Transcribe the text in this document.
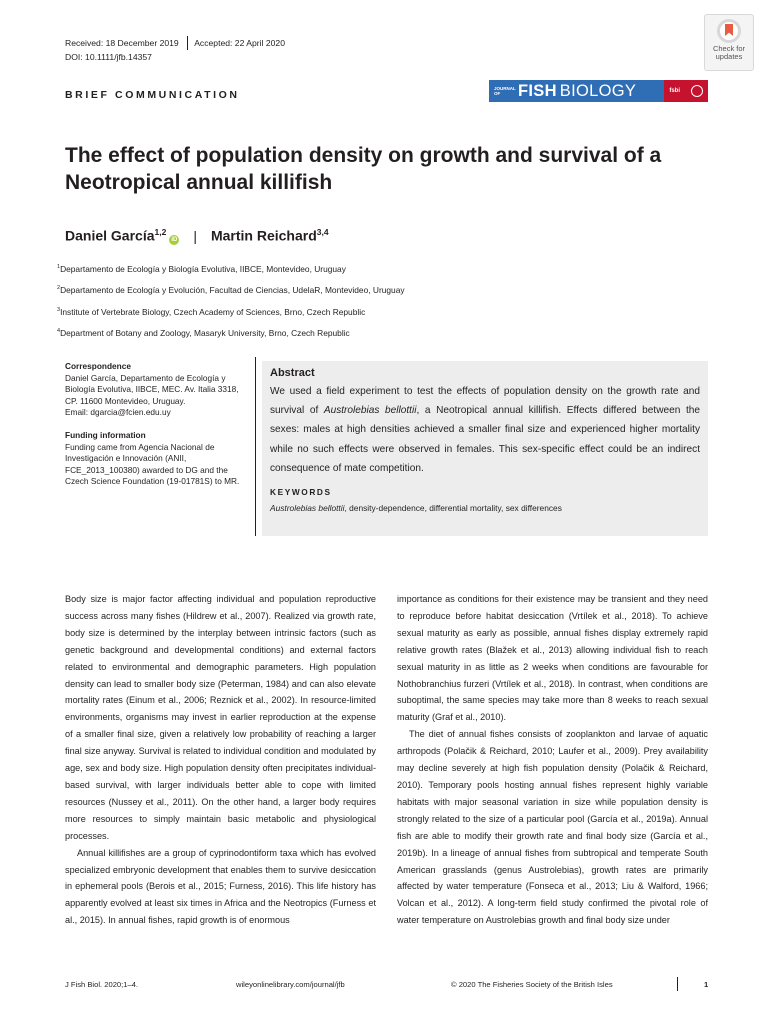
Received: 18 December 2019 Accepted: 22 April 2020
DOI: 10.1111/jfb.14357
Check for
updates
BRIEF COMMUNICATION
JOURNAL OF	FISH BIOLOGY	fsbi
The effect of population density on growth and survival of a Neotropical annual killifish
Daniel García$^{1,2}$
iD | Martin Reichard$^{3,4}$
$^1$Departamento de Ecología y Biología Evolutiva, IIBCE, Montevideo, Uruguay
$^2$Departamento de Ecología y Evolución, Facultad de Ciencias, UdelaR, Montevideo, Uruguay
$^3$Institute of Vertebrate Biology, Czech Academy of Sciences, Brno, Czech Republic
$^4$Department of Botany and Zoology, Masaryk University, Brno, Czech Republic
Correspondence
Daniel García, Departamento de Ecología y
Biología Evolutiva, IIBCE, MEC. Av. Italia 3318,
CP. 11600 Montevideo, Uruguay.
Email: dgarcia@fcien.edu.uy
Funding information
Funding came from Agencia Nacional de
Investigación e Innovación (ANII,
FCE_2013_100380) awarded to DG and the
Czech Science Foundation (19-01781S) to MR.
Abstract
We used a field experiment to test the effects of population density on the growth rate and survival of Austrolebias bellottii, a Neotropical annual killifish. Effects differed between the sexes: males at high densities achieved a smaller final size and experienced higher mortality while no such effects were observed in females. This sex-specific effect could be an indirect consequence of mate competition.
KEYWORDS
Austrolebias bellottii, density-dependence, differential mortality, sex differences

Body size is major factor affecting individual and population reproductive success across many fishes (Hildrew et al., 2007). Realized via growth rate, body size is determined by the interplay between intrinsic factors (such as genetic background and developmental conditions) and external factors related to environmental and demographic parameters. High population density can lead to smaller body size (Peterman, 1984) and can also elevate mortality rates (Einum et al., 2006; Reznick et al., 2002). In resource-limited environments, organisms may invest in earlier reproduction at the expense of a smaller final size, given a relatively low probability of reaching a larger final size anyway. Survival is related to individual condition and modulated by age, sex and body size. High population density often precipitates individual-based survival, with larger individuals better able to cope with limited resources (Nussey et al., 2011). On the other hand, a larger body requires more resources to simply maintain basic metabolic and physiological processes.

Annual killifishes are a group of cyprinodontiform taxa which has evolved specialized embryonic development that enables them to survive desiccation in ephemeral pools (Berois et al., 2015; Furness, 2016). This life history has apparently evolved at least six times in Africa and the Neotropics (Furness et al., 2015). In annual fishes, rapid growth is of enormous

importance as conditions for their existence may be transient and they need to reproduce before habitat desiccation (Vrtílek et al., 2018). To achieve sexual maturity as early as possible, annual fishes display extremely rapid relative growth rates (Blažek et al., 2013) allowing individual fish to reach sexual maturity in as little as 2 weeks when conditions are favourable for Nothobranchius furzeri (Vrtílek et al., 2018). In contrast, when conditions are suboptimal, the same species may take more than 8 weeks to reach sexual maturity (Graf et al., 2010).

The diet of annual fishes consists of zooplankton and larvae of aquatic arthropods (Polačik & Reichard, 2010; Laufer et al., 2009). Prey availability may decline severely at high fish population density (Polačik & Reichard, 2010). Temporary pools hosting annual fishes represent highly variable habitats with major seasonal variation in size while population density is strongly related to the size of a particular pool (García et al., 2019a). Annual fish are able to modify their growth rate and final body size (García et al., 2019b). In a lineage of annual fishes from subtropical and temperate South American grasslands (genus Austrolebias), growth rates are primarily affected by water temperature (Fonseca et al., 2013; Liu & Walford, 1966; Volcan et al., 2012). A long-term field study confirmed the pivotal role of water temperature on Austrolebias growth and final body size under

J Fish Biol. 2020;1–4.	wileyonlinelibrary.com/journal/jfb	© 2020 The Fisheries Society of the British Isles	1
